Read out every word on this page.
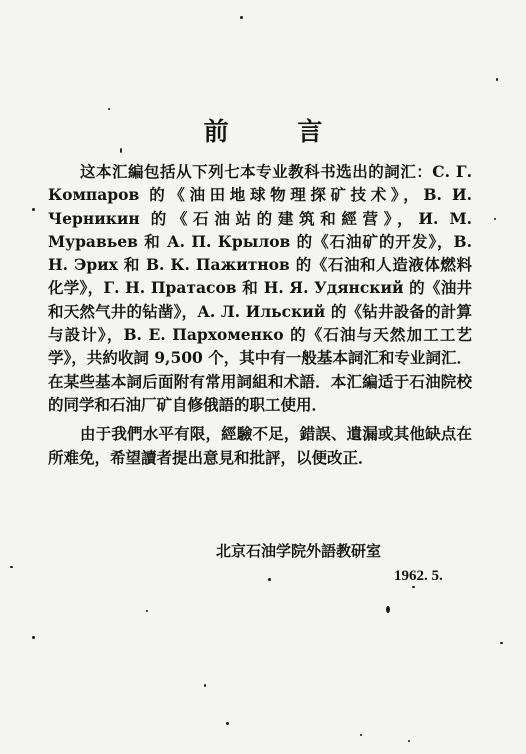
前 言

这本汇編包括从下列七本专业教科书选出的詞汇：С. Г. Компаров 的《油田地球物理探矿技术》，В. И. Черникин 的《石油站的建筑和經营》，И. М. Муравьев 和 А. П. Крылов 的《石油矿的开发》，В. Н. Эрих 和 В. К. Пажитнов 的《石油和人造液体燃料化学》，Г. Н. Пратасов 和 Н. Я. Удянский 的《油井和天然气井的钻凿》，А. Л. Ильский 的《钻井設备的計算与設计》，В. Е. Пархоменко 的《石油与天然加工工艺学》，共約收詞 9,500 个，其中有一般基本詞汇和专业詞汇．在某些基本詞后面附有常用詞組和术語．本汇編适于石油院校的同学和石油厂矿自修俄語的职工使用．

由于我們水平有限，經驗不足，錯誤、遺漏或其他缺点在所难免，希望讀者提出意見和批評，以便改正．

北京石油学院外語教研室
1962. 5.
